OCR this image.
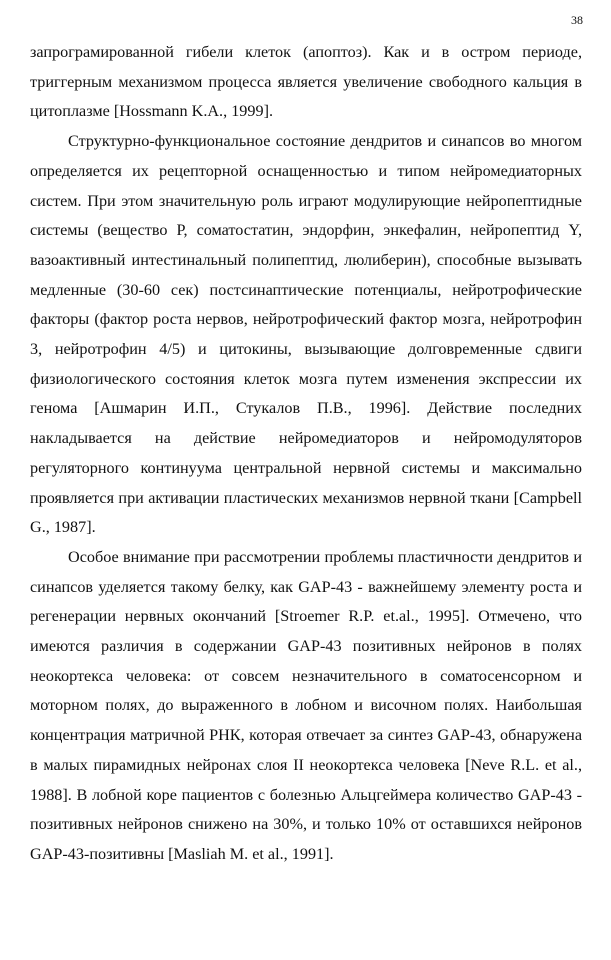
38

запрограмированной гибели клеток (апоптоз). Как и в остром периоде, триггерным механизмом процесса является увеличение свободного кальция в цитоплазме [Hossmann K.A., 1999].

Структурно-функциональное состояние дендритов и синапсов во многом определяется их рецепторной оснащенностью и типом нейромедиаторных систем. При этом значительную роль играют модулирующие нейропептидные системы (вещество Р, соматостатин, эндорфин, энкефалин, нейропептид Y, вазоактивный интестинальный полипептид, люлиберин), способные вызывать медленные (30-60 сек) постсинаптические потенциалы, нейротрофические факторы (фактор роста нервов, нейротрофический фактор мозга, нейротрофин 3, нейротрофин 4/5) и цитокины, вызывающие долговременные сдвиги физиологического состояния клеток мозга путем изменения экспрессии их генома [Ашмарин И.П., Стукалов П.В., 1996]. Действие последних накладывается на действие нейромедиаторов и нейромодуляторов регуляторного континуума центральной нервной системы и максимально проявляется при активации пластических механизмов нервной ткани [Campbell G., 1987].

Особое внимание при рассмотрении проблемы пластичности дендритов и синапсов уделяется такому белку, как GAP-43 - важнейшему элементу роста и регенерации нервных окончаний [Stroemer R.P. et.al., 1995]. Отмечено, что имеются различия в содержании GAP-43 позитивных нейронов в полях неокортекса человека: от совсем незначительного в соматосенсорном и моторном полях, до выраженного в лобном и височном полях. Наибольшая концентрация матричной РНК, которая отвечает за синтез GAP-43, обнаружена в малых пирамидных нейронах слоя II неокортекса человека [Neve R.L. et al., 1988]. В лобной коре пациентов с болезнью Альцгеймера количество GAP-43 - позитивных нейронов снижено на 30%, и только 10% от оставшихся нейронов GAP-43-позитивны [Masliah M. et al., 1991].
